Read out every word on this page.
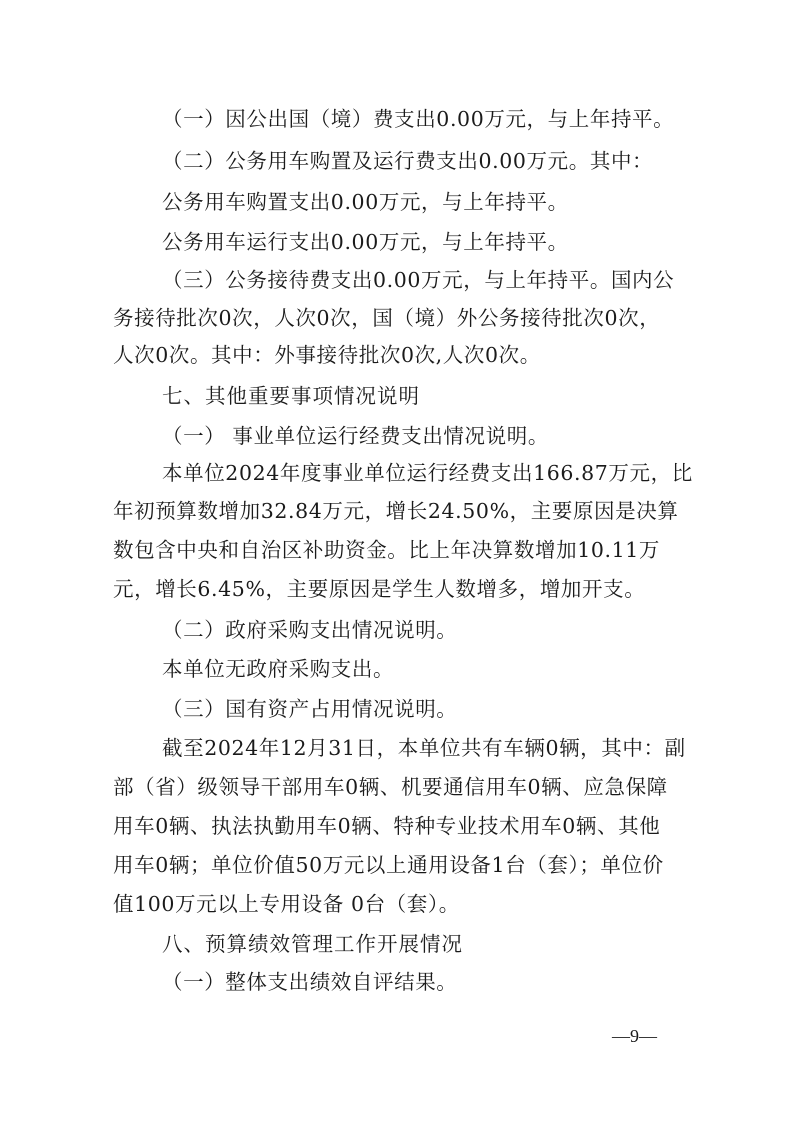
（一）因公出国（境）费支出0.00万元，与上年持平。
（二）公务用车购置及运行费支出0.00万元。其中：
公务用车购置支出0.00万元，与上年持平。
公务用车运行支出0.00万元，与上年持平。
（三）公务接待费支出0.00万元，与上年持平。国内公
务接待批次0次，人次0次，国（境）外公务接待批次0次，
人次0次。其中：外事接待批次0次,人次0次。
七、其他重要事项情况说明
（一） 事业单位运行经费支出情况说明。
本单位2024年度事业单位运行经费支出166.87万元，比
年初预算数增加32.84万元，增长24.50%，主要原因是决算
数包含中央和自治区补助资金。比上年决算数增加10.11万
元，增长6.45%，主要原因是学生人数增多，增加开支。
（二）政府采购支出情况说明。
本单位无政府采购支出。
（三）国有资产占用情况说明。
截至2024年12月31日，本单位共有车辆0辆，其中：副
部（省）级领导干部用车0辆、机要通信用车0辆、应急保障
用车0辆、执法执勤用车0辆、特种专业技术用车0辆、其他
用车0辆；单位价值50万元以上通用设备1台（套）；单位价
值100万元以上专用设备 0台（套）。
八、预算绩效管理工作开展情况
（一）整体支出绩效自评结果。
—9—
